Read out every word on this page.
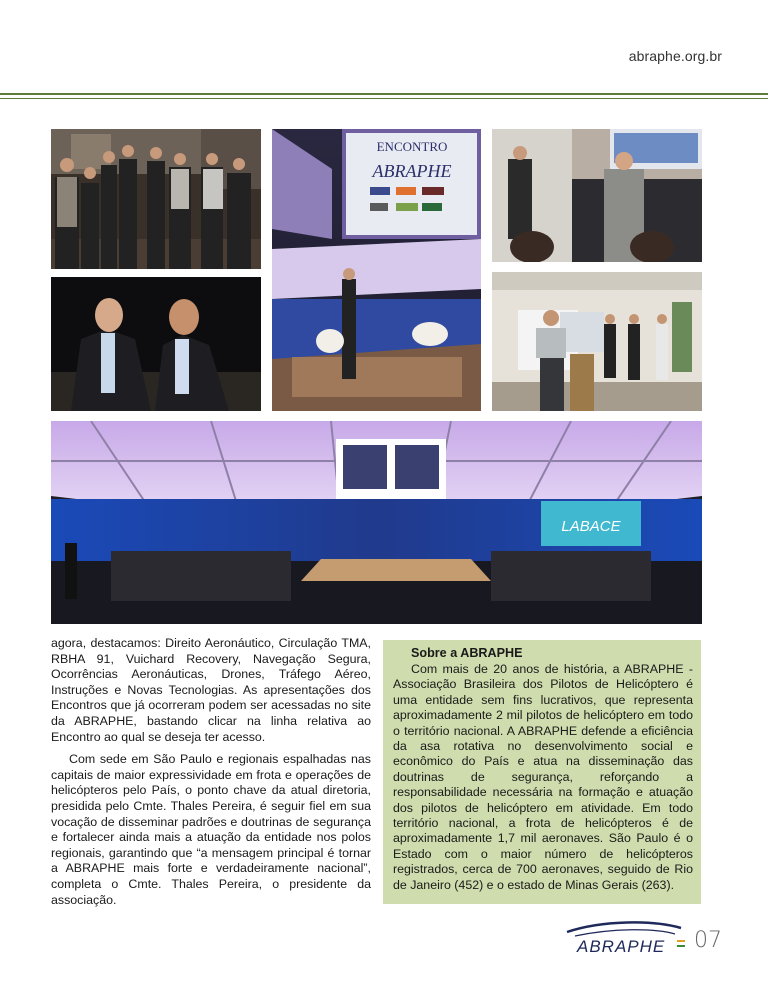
abraphe.org.br
ENCONTRO
ABRAPHE
LABACE

agora, destacamos: Direito Aeronáutico, Circulação TMA, RBHA 91, Vuichard Recovery, Navegação Segura, Ocorrências Aeronáuticas, Drones, Tráfego Aéreo, Instruções e Novas Tecnologias. As apresentações dos Encontros que já ocorreram podem ser acessadas no site da ABRAPHE, bastando clicar na linha relativa ao Encontro ao qual se deseja ter acesso.

Com sede em São Paulo e regionais espalhadas nas capitais de maior expressividade em frota e operações de helicópteros pelo País, o ponto chave da atual diretoria, presidida pelo Cmte. Thales Pereira, é seguir fiel em sua vocação de disseminar padrões e doutrinas de segurança e fortalecer ainda mais a atuação da entidade nos polos regionais, garantindo que “a mensagem principal é tornar a ABRAPHE mais forte e verdadeiramente nacional”, completa o Cmte. Thales Pereira, o presidente da associação.

Sobre a ABRAPHE

Com mais de 20 anos de história, a ABRAPHE - Associação Brasileira dos Pilotos de Helicóptero é uma entidade sem fins lucrativos, que representa aproximadamente 2 mil pilotos de helicóptero em todo o território nacional. A ABRAPHE defende a eficiência da asa rotativa no desenvolvimento social e econômico do País e atua na disseminação das doutrinas de segurança, reforçando a responsabilidade necessária na formação e atuação dos pilotos de helicóptero em atividade. Em todo território nacional, a frota de helicópteros é de aproximadamente 1,7 mil aeronaves. São Paulo é o Estado com o maior número de helicópteros registrados, cerca de 700 aeronaves, seguido de Rio de Janeiro (452) e o estado de Minas Gerais (263).

ABRAPHE 07
